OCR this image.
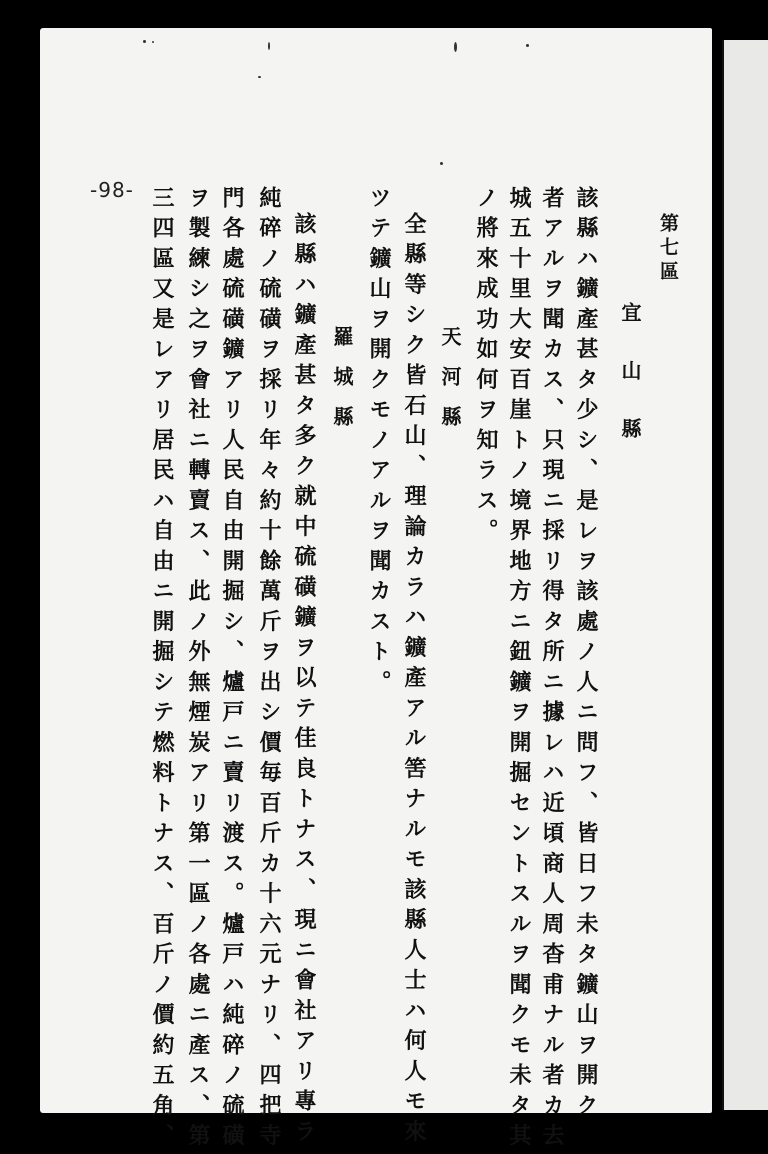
-98-
第七區
宜山縣
該縣ハ鑛產甚タ少シ、是レヲ該處ノ人ニ問フ、皆日フ未タ鑛山ヲ開ク
者アルヲ聞カス、只現ニ採リ得タ所ニ據レハ近頃商人周杳甫ナル者カ去
城五十里大安百崖トノ境界地方ニ鈕鑛ヲ開掘セントスルヲ聞クモ未タ其
ノ將來成功如何ヲ知ラス。
天河縣
全縣等シク皆石山、理論カラハ鑛產アル筈ナルモ該縣人士ハ何人モ來
ツテ鑛山ヲ開クモノアルヲ聞カスト。
羅城縣
該縣ハ鑛產甚タ多ク就中硫磺鑛ヲ以テ佳良トナス、現ニ會社アリ專ラ
純碎ノ硫磺ヲ採リ年々約十餘萬斤ヲ出シ價毎百斤カ十六元ナリ、四把寺
門各處硫磺鑛アリ人民自由開掘シ、爐戸ニ賣リ渡ス。爐戸ハ純碎ノ硫磺
ヲ製練シ之ヲ會社ニ轉賣ス、此ノ外無煙炭アリ第一區ノ各處ニ產ス、第
三四區又是レアリ居民ハ自由ニ開掘シテ燃料トナス、百斤ノ價約五角、
